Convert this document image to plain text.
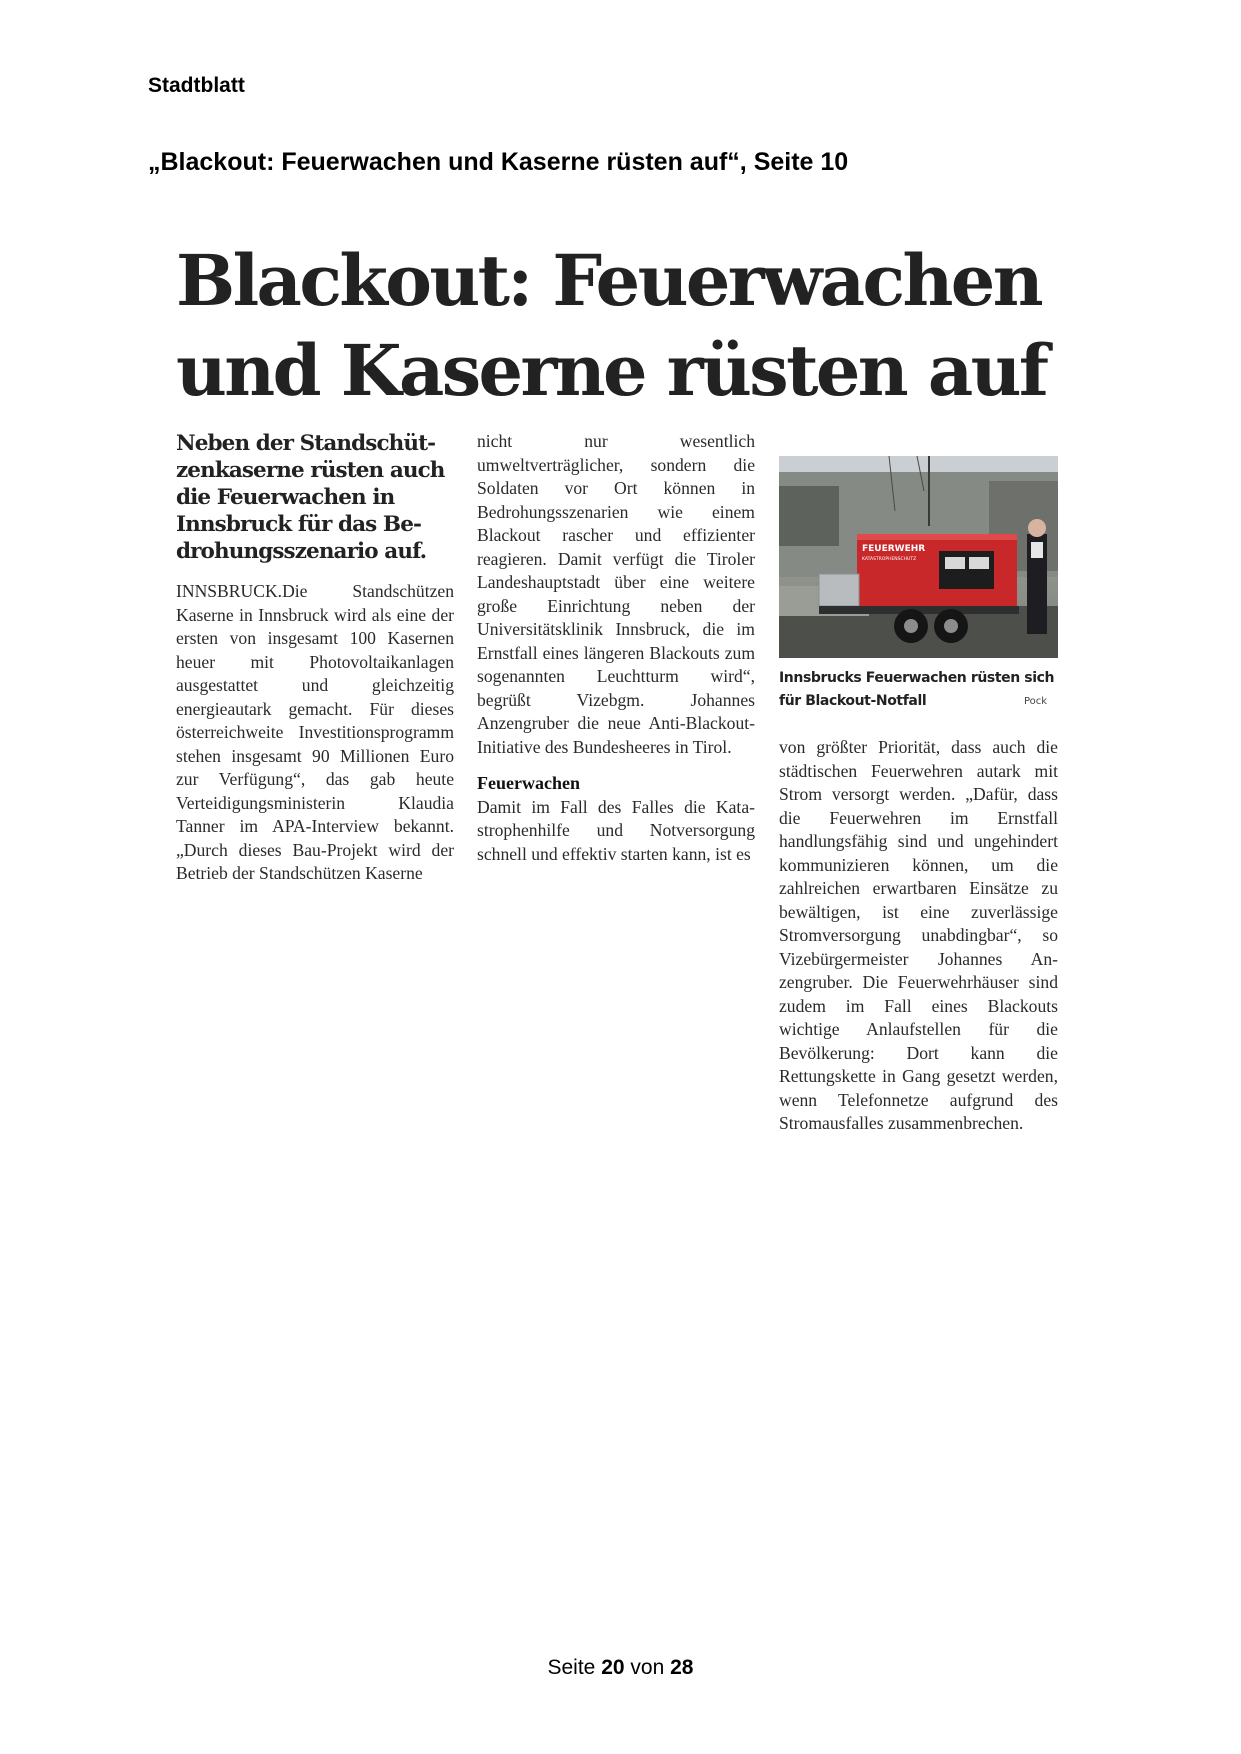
Stadtblatt
„Blackout: Feuerwachen und Kaserne rüsten auf“, Seite 10
Blackout: Feuerwachen
und Kaserne rüsten auf

Neben der Standschützenkaserne rüsten auch die Feuerwachen in Innsbruck für das Bedrohungsszenario auf.

INNSBRUCK.Die Standschützen Kaserne in Innsbruck wird als eine der ersten von insgesamt 100 Kasernen heuer mit Photovoltaikanlagen ausgestattet und gleichzeitig energieautark gemacht. Für dieses österreichweite Investitionsprogramm stehen insgesamt 90 Millionen Euro zur Verfügung“, das gab heute Verteidigungsministerin Klaudia Tanner im APA-Interview bekannt. „Durch dieses Bau-Projekt wird der Betrieb der Standschützen Kaserne

nicht nur wesentlich umweltverträglicher, sondern die Soldaten vor Ort können in Bedrohungsszenarien wie einem Blackout rascher und effizienter reagieren. Damit verfügt die Tiroler Landeshauptstadt über eine weitere große Einrichtung neben der Universitätsklinik Innsbruck, die im Ernstfall eines längeren Blackouts zum sogenannten Leuchtturm wird“, begrüßt Vizebgm. Johannes Anzengruber die neue Anti-Blackout-Initiative des Bundesheeres in Tirol.

Feuerwachen

Damit im Fall des Falles die Katastrophenhilfe und Notversorgung schnell und effektiv starten kann, ist es

FEUERWEHR
KATASTROPHENSCHUTZ
Innsbrucks Feuerwachen rüsten sich für Blackout-Notfall	Pock

von größter Priorität, dass auch die städtischen Feuerwehren autark mit Strom versorgt werden. „Dafür, dass die Feuerwehren im Ernstfall handlungsfähig sind und ungehindert kommunizieren können, um die zahlreichen erwartbaren Einsätze zu bewältigen, ist eine zuverlässige Stromversorgung unabdingbar“, so Vizebürgermeister Johannes Anzengruber. Die Feuerwehrhäuser sind zudem im Fall eines Blackouts wichtige Anlaufstellen für die Bevölkerung: Dort kann die Rettungskette in Gang gesetzt werden, wenn Telefonnetze aufgrund des Stromausfalles zusammenbrechen.

Seite 20 von 28
